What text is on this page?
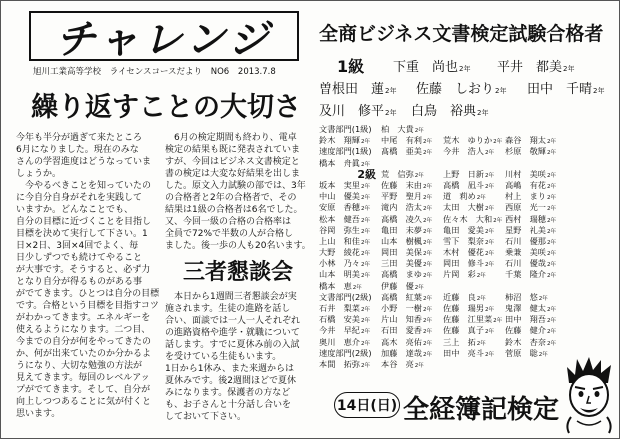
チャレンジ
旭川工業高等学校 ライセンスコースだより NO6 2013.7.8
繰り返すことの大切さ
今年も半分が過ぎて来たところ
6月になりました。現在のみな
さんの学習進度はどうなっていま
しょうか。
　今やるべきことを知っていたの
に今自分自身がそれを実践して
いますか。どんなことでも、
自分の目標に近づくことを目指し
目標を決めて実行して下さい。1
日×2日、3回×4回でよく、毎
日少しずつでも続けてやること
が大事です。そうすると、必ず力
となり自分が得るものがある事
がでてきます。ひとつは自分の目標
です。合格という目標を目指すコツ
がわかってきます。エネルギーを
使えるようになります。二つ目、
今までの自分が何をやってきたの
か、何が出来ていたのか分かるよ
うになり、大切な勉強の方法が
見えてきます。毎回のレベルアッ
プがでてきます。そして、自分が
向上しつつあることに気が付くと
思います。
　6月の検定期間も終わり、電卓
検定の結果も既に発表されていま
すが、今回はビジネス文書検定と
書の検定は大変な好結果を出しま
した。原文入力試験の部では、3年
の合格者と2年の合格者で、その
結果は1級の合格者は6名でした。
又、今回一級の合格の合格率は
全員で72%で半数の人が合格し
ました。後一歩の人も20名います。
三者懇談会
　本日から1週間三者懇談会が実
施されます。生徒の進路を話し
合い、面談では一人一人それぞれ
の進路資格や進学・就職について
話します。すでに夏休み前の入試
を受けている生徒もいます。
1日から1休み、また来週からは
夏休みです。後2週間ほどで夏休
みになります。保護者の方など
も、お子さんと十分話し合いを
しておいて下さい。
全商ビジネス文書検定試験合格者
1級 下重　尚也2年 平井　都美2年
曽根田　蓮2年 佐藤　しおり2年 田中　千晴2年
及川　修平2年 白鳥　裕典2年
文書部門(1級)	柏　大貴2年
鈴木　翔輝2年	中尾　有利2年	荒木　ゆりか2年 森谷　翔太2年
速度部門(1級)	髙橋　亜美2年	今井　浩人2年	杉原　敬輝2年
橋本　舟眞2年
2級 荒　信弥2年	上野　日新2年	川村　美咲2年
坂本　実里2年	佐藤　末由2年	高橋　凪斗2年	高嶋　有花2年
中山　優美2年	平野　聖月2年	道　莉め2年	村上　まり2年
安原　香穂2年	滝内　浩太2年	太田　大樹2年	西原　光一2年
松本　健吾2年	高橋　凌久2年	佐々木　大和2年 西村　瑞穂2年
谷岡　弥生2年	亀田　未夢2年	亀田　愛美2年	星野　礼美2年
上山　和佳2年	山本　樹楓2年	雪下　梨奈2年	石川　優那2年
大野　綾花2年	岡田　美保2年	木村　優花2年	乗兼　美咲2年
小林　乃々2年	三田　美優2年	岡田　修斗2年	石川　優哉2年
山本　明美2年	高橋　まゆ2年	片岡　彩2年	千葉　隆介2年
橋本　恵2年	伊藤　優2年
文書部門(2級)	高橋　紅葉2年	近藤　良2年	柿沼　悠2年
石井　梨菜2年	小野　一樹2年	佐藤　瑞男2年	鬼澤　健太2年
石橋　安美2年	片山　知香2年	佐藤　江里菜2年 田中　翔吾2年
今井　早紀2年	石田　愛香2年	佐藤　真子2年	佐藤　健介2年
奥川　恵介2年	高木　亮佑2年	三上　拓2年	鈴木　杏奈2年
速度部門(2級)	加藤　達哉2年	田中　亮斗2年	菅原　聡2年
本間　拓弥2年	本谷　亮2年
14日(日) 全経簿記検定
